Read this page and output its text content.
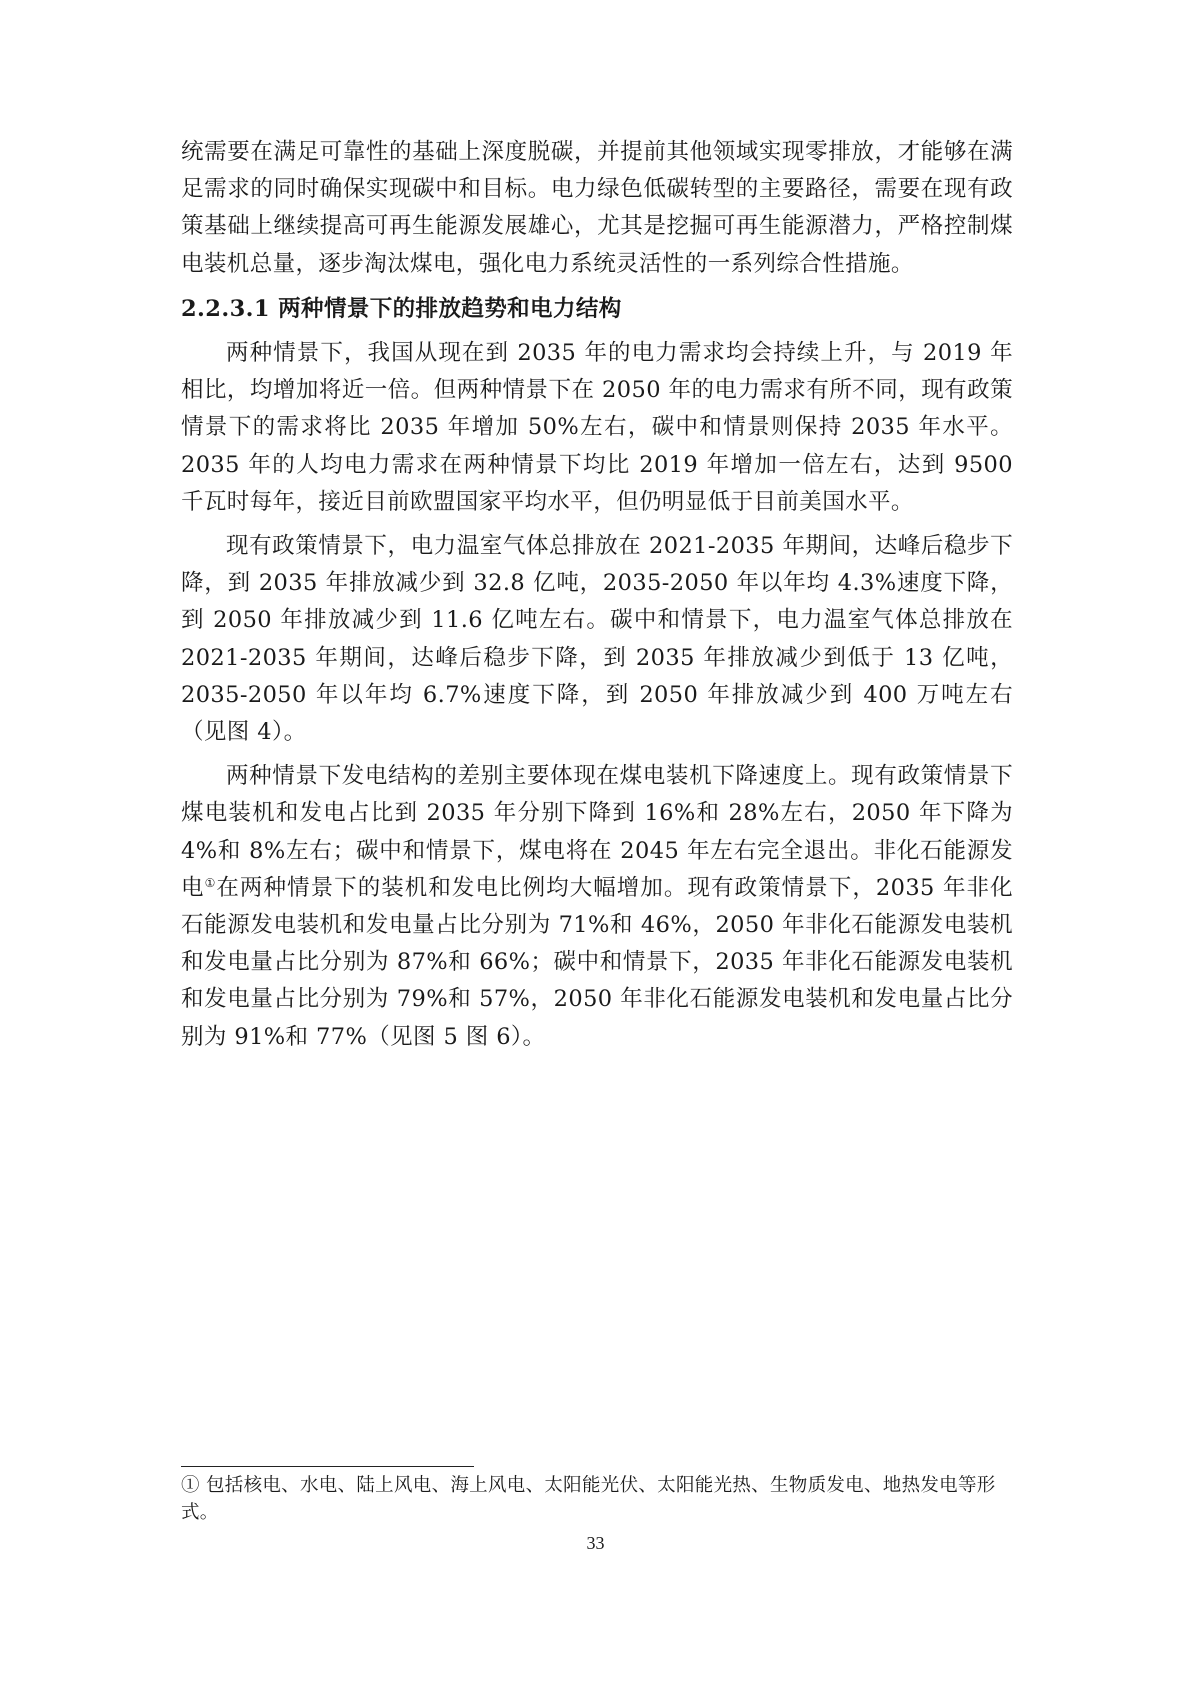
统需要在满足可靠性的基础上深度脱碳，并提前其他领域实现零排放，才能够在满足需求的同时确保实现碳中和目标。电力绿色低碳转型的主要路径，需要在现有政策基础上继续提高可再生能源发展雄心，尤其是挖掘可再生能源潜力，严格控制煤电装机总量，逐步淘汰煤电，强化电力系统灵活性的一系列综合性措施。

2.2.3.1 两种情景下的排放趋势和电力结构

两种情景下，我国从现在到 2035 年的电力需求均会持续上升，与 2019 年相比，均增加将近一倍。但两种情景下在 2050 年的电力需求有所不同，现有政策情景下的需求将比 2035 年增加 50%左右，碳中和情景则保持 2035 年水平。2035 年的人均电力需求在两种情景下均比 2019 年增加一倍左右，达到 9500 千瓦时每年，接近目前欧盟国家平均水平，但仍明显低于目前美国水平。

现有政策情景下，电力温室气体总排放在 2021-2035 年期间，达峰后稳步下降，到 2035 年排放减少到 32.8 亿吨，2035-2050 年以年均 4.3%速度下降，到 2050 年排放减少到 11.6 亿吨左右。碳中和情景下，电力温室气体总排放在 2021-2035 年期间，达峰后稳步下降，到 2035 年排放减少到低于 13 亿吨，2035-2050 年以年均 6.7%速度下降，到 2050 年排放减少到 400 万吨左右（见图 4）。

两种情景下发电结构的差别主要体现在煤电装机下降速度上。现有政策情景下煤电装机和发电占比到 2035 年分别下降到 16%和 28%左右，2050 年下降为 4%和 8%左右；碳中和情景下，煤电将在 2045 年左右完全退出。非化石能源发电①在两种情景下的装机和发电比例均大幅增加。现有政策情景下，2035 年非化石能源发电装机和发电量占比分别为 71%和 46%，2050 年非化石能源发电装机和发电量占比分别为 87%和 66%；碳中和情景下，2035 年非化石能源发电装机和发电量占比分别为 79%和 57%，2050 年非化石能源发电装机和发电量占比分别为 91%和 77%（见图 5 图 6）。

① 包括核电、水电、陆上风电、海上风电、太阳能光伏、太阳能光热、生物质发电、地热发电等形式。

33
